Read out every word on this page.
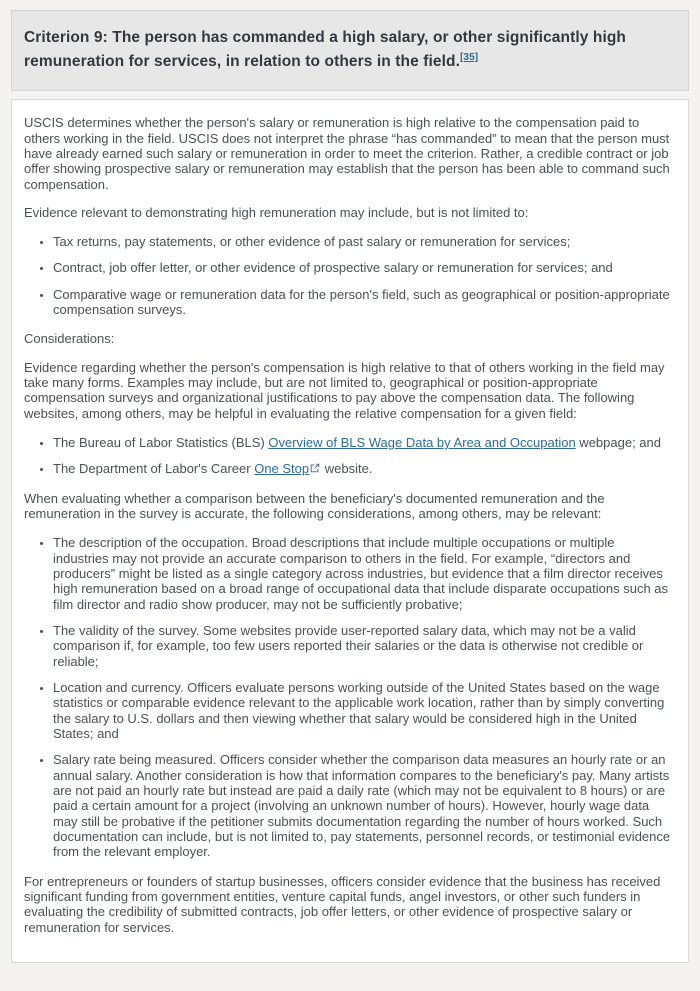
Criterion 9: The person has commanded a high salary, or other significantly high remuneration for services, in relation to others in the field.[35]

USCIS determines whether the person's salary or remuneration is high relative to the compensation paid to others working in the field. USCIS does not interpret the phrase “has commanded” to mean that the person must have already earned such salary or remuneration in order to meet the criterion. Rather, a credible contract or job offer showing prospective salary or remuneration may establish that the person has been able to command such compensation.

Evidence relevant to demonstrating high remuneration may include, but is not limited to:

• Tax returns, pay statements, or other evidence of past salary or remuneration for services;
• Contract, job offer letter, or other evidence of prospective salary or remuneration for services; and
• Comparative wage or remuneration data for the person's field, such as geographical or position-appropriate compensation surveys.

Considerations:

Evidence regarding whether the person's compensation is high relative to that of others working in the field may take many forms. Examples may include, but are not limited to, geographical or position-appropriate compensation surveys and organizational justifications to pay above the compensation data. The following websites, among others, may be helpful in evaluating the relative compensation for a given field:

• The Bureau of Labor Statistics (BLS) Overview of BLS Wage Data by Area and Occupation webpage; and
• The Department of Labor's Career One Stop
website.

When evaluating whether a comparison between the beneficiary's documented remuneration and the remuneration in the survey is accurate, the following considerations, among others, may be relevant:

• The description of the occupation. Broad descriptions that include multiple occupations or multiple industries may not provide an accurate comparison to others in the field. For example, “directors and producers” might be listed as a single category across industries, but evidence that a film director receives high remuneration based on a broad range of occupational data that include disparate occupations such as film director and radio show producer, may not be sufficiently probative;
• The validity of the survey. Some websites provide user-reported salary data, which may not be a valid comparison if, for example, too few users reported their salaries or the data is otherwise not credible or reliable;
• Location and currency. Officers evaluate persons working outside of the United States based on the wage statistics or comparable evidence relevant to the applicable work location, rather than by simply converting the salary to U.S. dollars and then viewing whether that salary would be considered high in the United States; and
• Salary rate being measured. Officers consider whether the comparison data measures an hourly rate or an annual salary. Another consideration is how that information compares to the beneficiary's pay. Many artists are not paid an hourly rate but instead are paid a daily rate (which may not be equivalent to 8 hours) or are paid a certain amount for a project (involving an unknown number of hours). However, hourly wage data may still be probative if the petitioner submits documentation regarding the number of hours worked. Such documentation can include, but is not limited to, pay statements, personnel records, or testimonial evidence from the relevant employer.

For entrepreneurs or founders of startup businesses, officers consider evidence that the business has received significant funding from government entities, venture capital funds, angel investors, or other such funders in evaluating the credibility of submitted contracts, job offer letters, or other evidence of prospective salary or remuneration for services.
